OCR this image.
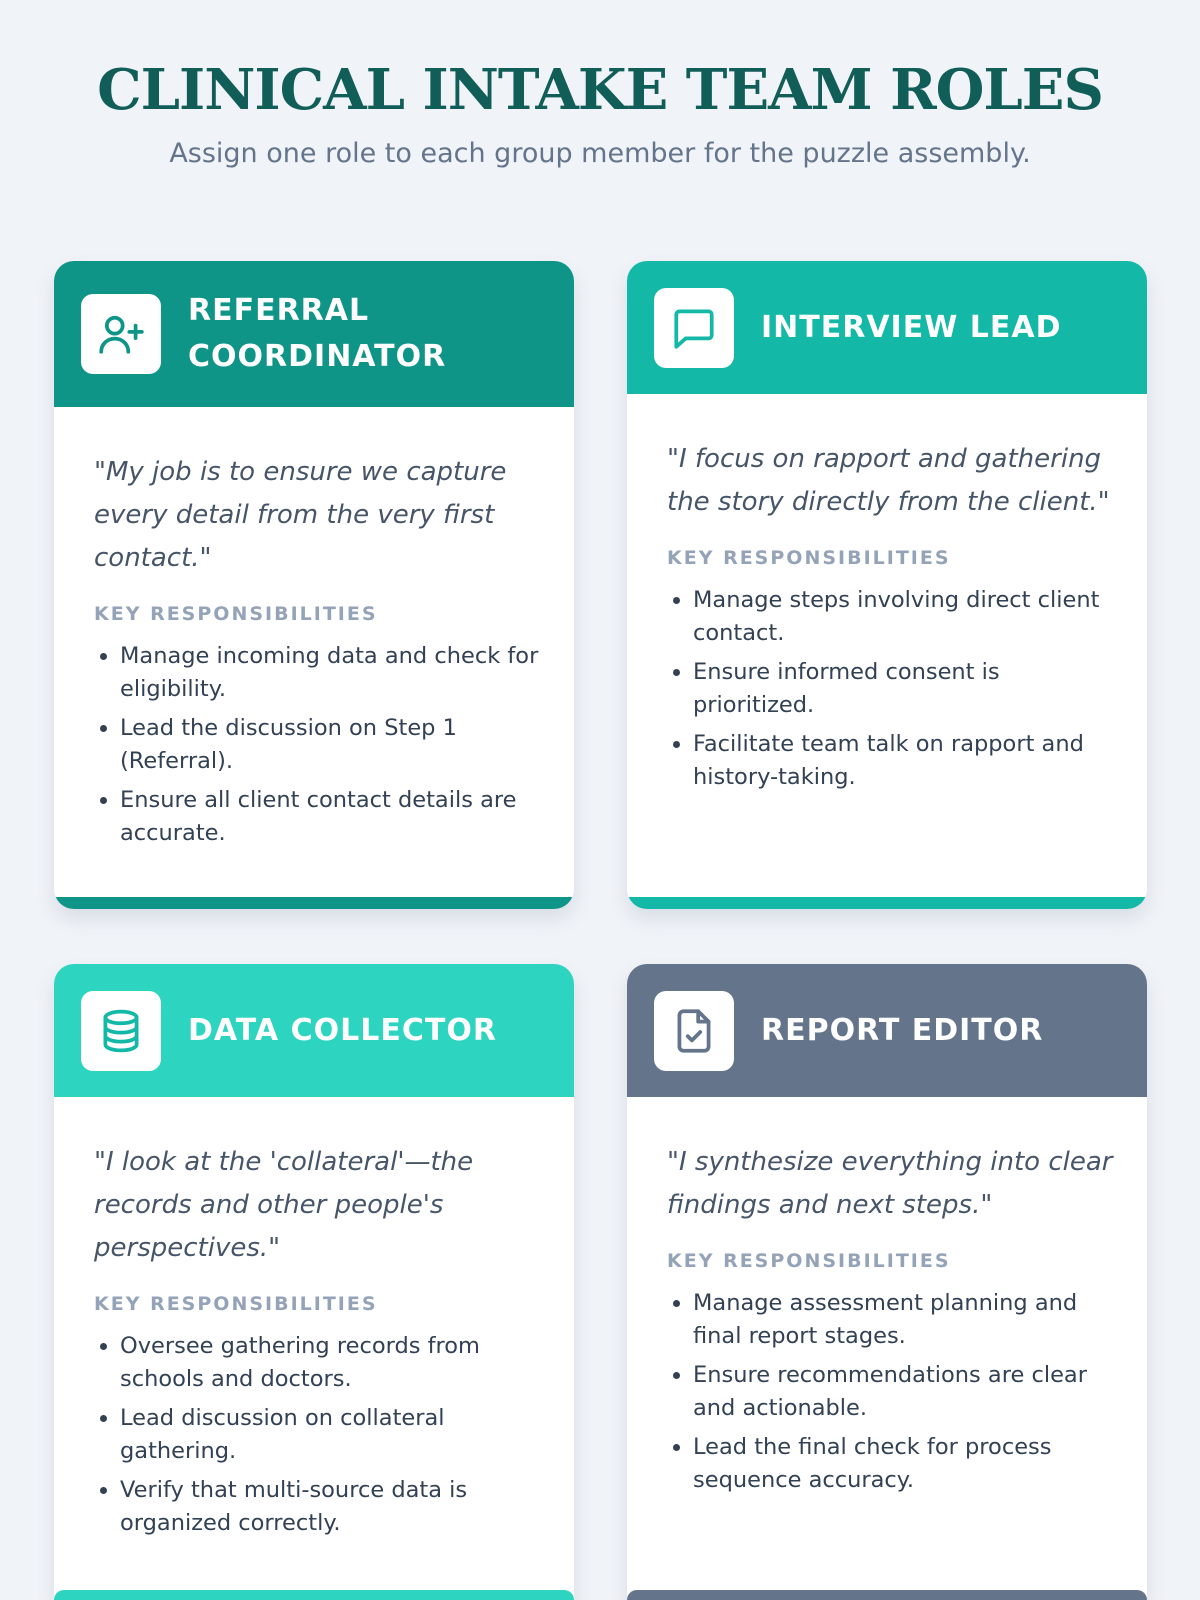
CLINICAL INTAKE TEAM ROLES

Assign one role to each group member for the puzzle assembly.

REFERRAL COORDINATOR

"My job is to ensure we capture every detail from the very first contact."

KEY RESPONSIBILITIES
• Manage incoming data and check for eligibility.
• Lead the discussion on Step 1 (Referral).
• Ensure all client contact details are accurate.
INTERVIEW LEAD

"I focus on rapport and gathering the story directly from the client."

KEY RESPONSIBILITIES
• Manage steps involving direct client contact.
• Ensure informed consent is prioritized.
• Facilitate team talk on rapport and history-taking.
DATA COLLECTOR

"I look at the 'collateral'—the records and other people's perspectives."

KEY RESPONSIBILITIES
• Oversee gathering records from schools and doctors.
• Lead discussion on collateral gathering.
• Verify that multi-source data is organized correctly.
REPORT EDITOR

"I synthesize everything into clear findings and next steps."

KEY RESPONSIBILITIES
• Manage assessment planning and final report stages.
• Ensure recommendations are clear and actionable.
• Lead the final check for process sequence accuracy.
